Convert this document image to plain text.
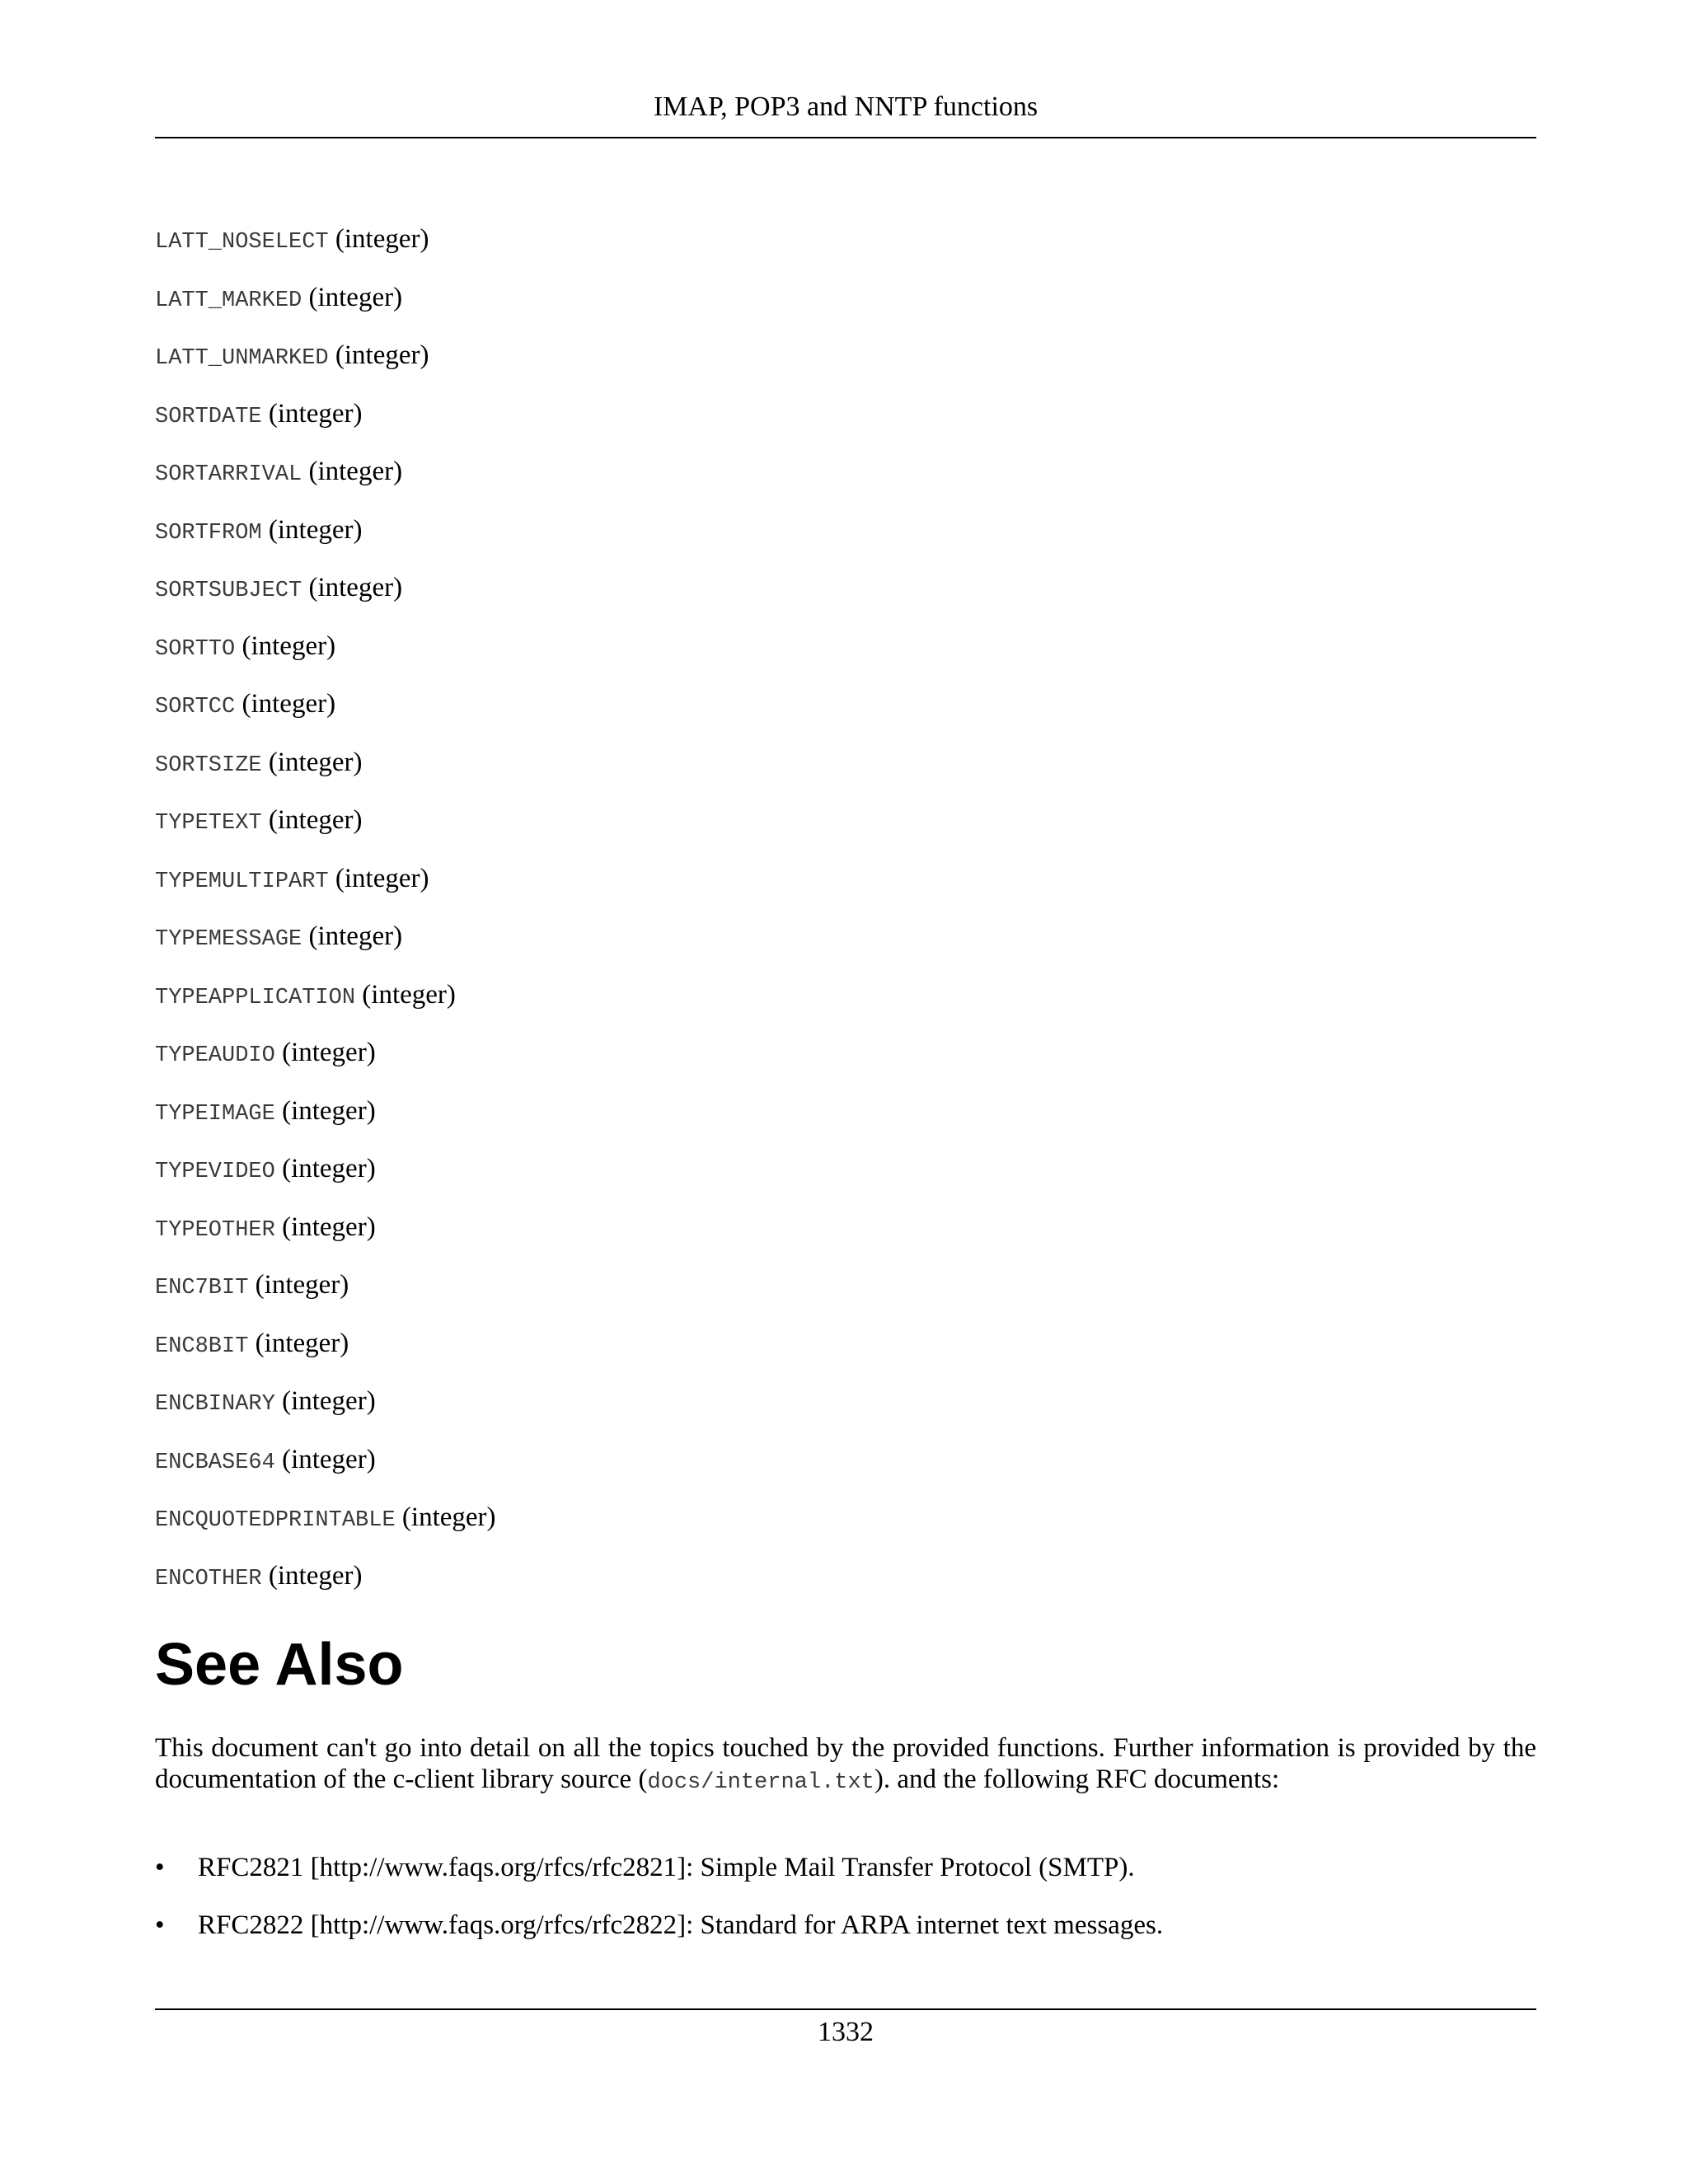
IMAP, POP3 and NNTP functions
LATT_NOSELECT (integer)
LATT_MARKED (integer)
LATT_UNMARKED (integer)
SORTDATE (integer)
SORTARRIVAL (integer)
SORTFROM (integer)
SORTSUBJECT (integer)
SORTTO (integer)
SORTCC (integer)
SORTSIZE (integer)
TYPETEXT (integer)
TYPEMULTIPART (integer)
TYPEMESSAGE (integer)
TYPEAPPLICATION (integer)
TYPEAUDIO (integer)
TYPEIMAGE (integer)
TYPEVIDEO (integer)
TYPEOTHER (integer)
ENC7BIT (integer)
ENC8BIT (integer)
ENCBINARY (integer)
ENCBASE64 (integer)
ENCQUOTEDPRINTABLE (integer)
ENCOTHER (integer)
See Also

This document can't go into detail on all the topics touched by the provided functions. Further information is provided by the documentation of the c-client library source (docs/internal.txt). and the following RFC documents:

• RFC2821 [http://www.faqs.org/rfcs/rfc2821]: Simple Mail Transfer Protocol (SMTP).
• RFC2822 [http://www.faqs.org/rfcs/rfc2822]: Standard for ARPA internet text messages.
1332
